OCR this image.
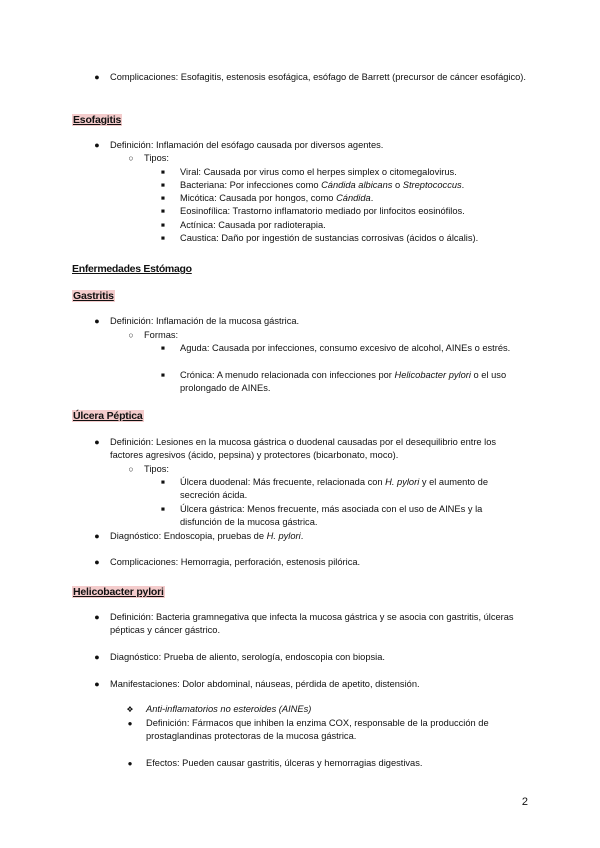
●	Complicaciones: Esofagitis, estenosis esofágica, esófago de Barrett (precursor de cáncer esofágico).
Esofagitis
●	Definición: Inflamación del esófago causada por diversos agentes.
○ Tipos:
■	Viral: Causada por virus como el herpes simplex o citomegalovirus.
■	Bacteriana: Por infecciones como Cándida albicans o Streptococcus.
■	Micótica: Causada por hongos, como Cándida.
■	Eosinofílica: Trastorno inflamatorio mediado por linfocitos eosinófilos.
■	Actínica: Causada por radioterapia.
■	Caustica: Daño por ingestión de sustancias corrosivas (ácidos o álcalis).
Enfermedades Estómago
Gastritis
●	Definición: Inflamación de la mucosa gástrica.
○ Formas:
■	Aguda: Causada por infecciones, consumo excesivo de alcohol, AINEs o estrés.
■	Crónica: A menudo relacionada con infecciones por Helicobacter pylori o el uso prolongado de AINEs.
Úlcera Péptica
●	Definición: Lesiones en la mucosa gástrica o duodenal causadas por el desequilibrio entre los factores agresivos (ácido, pepsina) y protectores (bicarbonato, moco).
○ Tipos:
■	Úlcera duodenal: Más frecuente, relacionada con H. pylori y el aumento de secreción ácida.
■	Úlcera gástrica: Menos frecuente, más asociada con el uso de AINEs y la disfunción de la mucosa gástrica.
●	Diagnóstico: Endoscopia, pruebas de H. pylori.
●	Complicaciones: Hemorragia, perforación, estenosis pilórica.
Helicobacter pylori
●	Definición: Bacteria gramnegativa que infecta la mucosa gástrica y se asocia con gastritis, úlceras pépticas y cáncer gástrico.
●	Diagnóstico: Prueba de aliento, serología, endoscopia con biopsia.
●	Manifestaciones: Dolor abdominal, náuseas, pérdida de apetito, distensión.
❖ Anti-inflamatorios no esteroides (AINEs)
●	Definición: Fármacos que inhiben la enzima COX, responsable de la producción de prostaglandinas protectoras de la mucosa gástrica.
●	Efectos: Pueden causar gastritis, úlceras y hemorragias digestivas.
2
